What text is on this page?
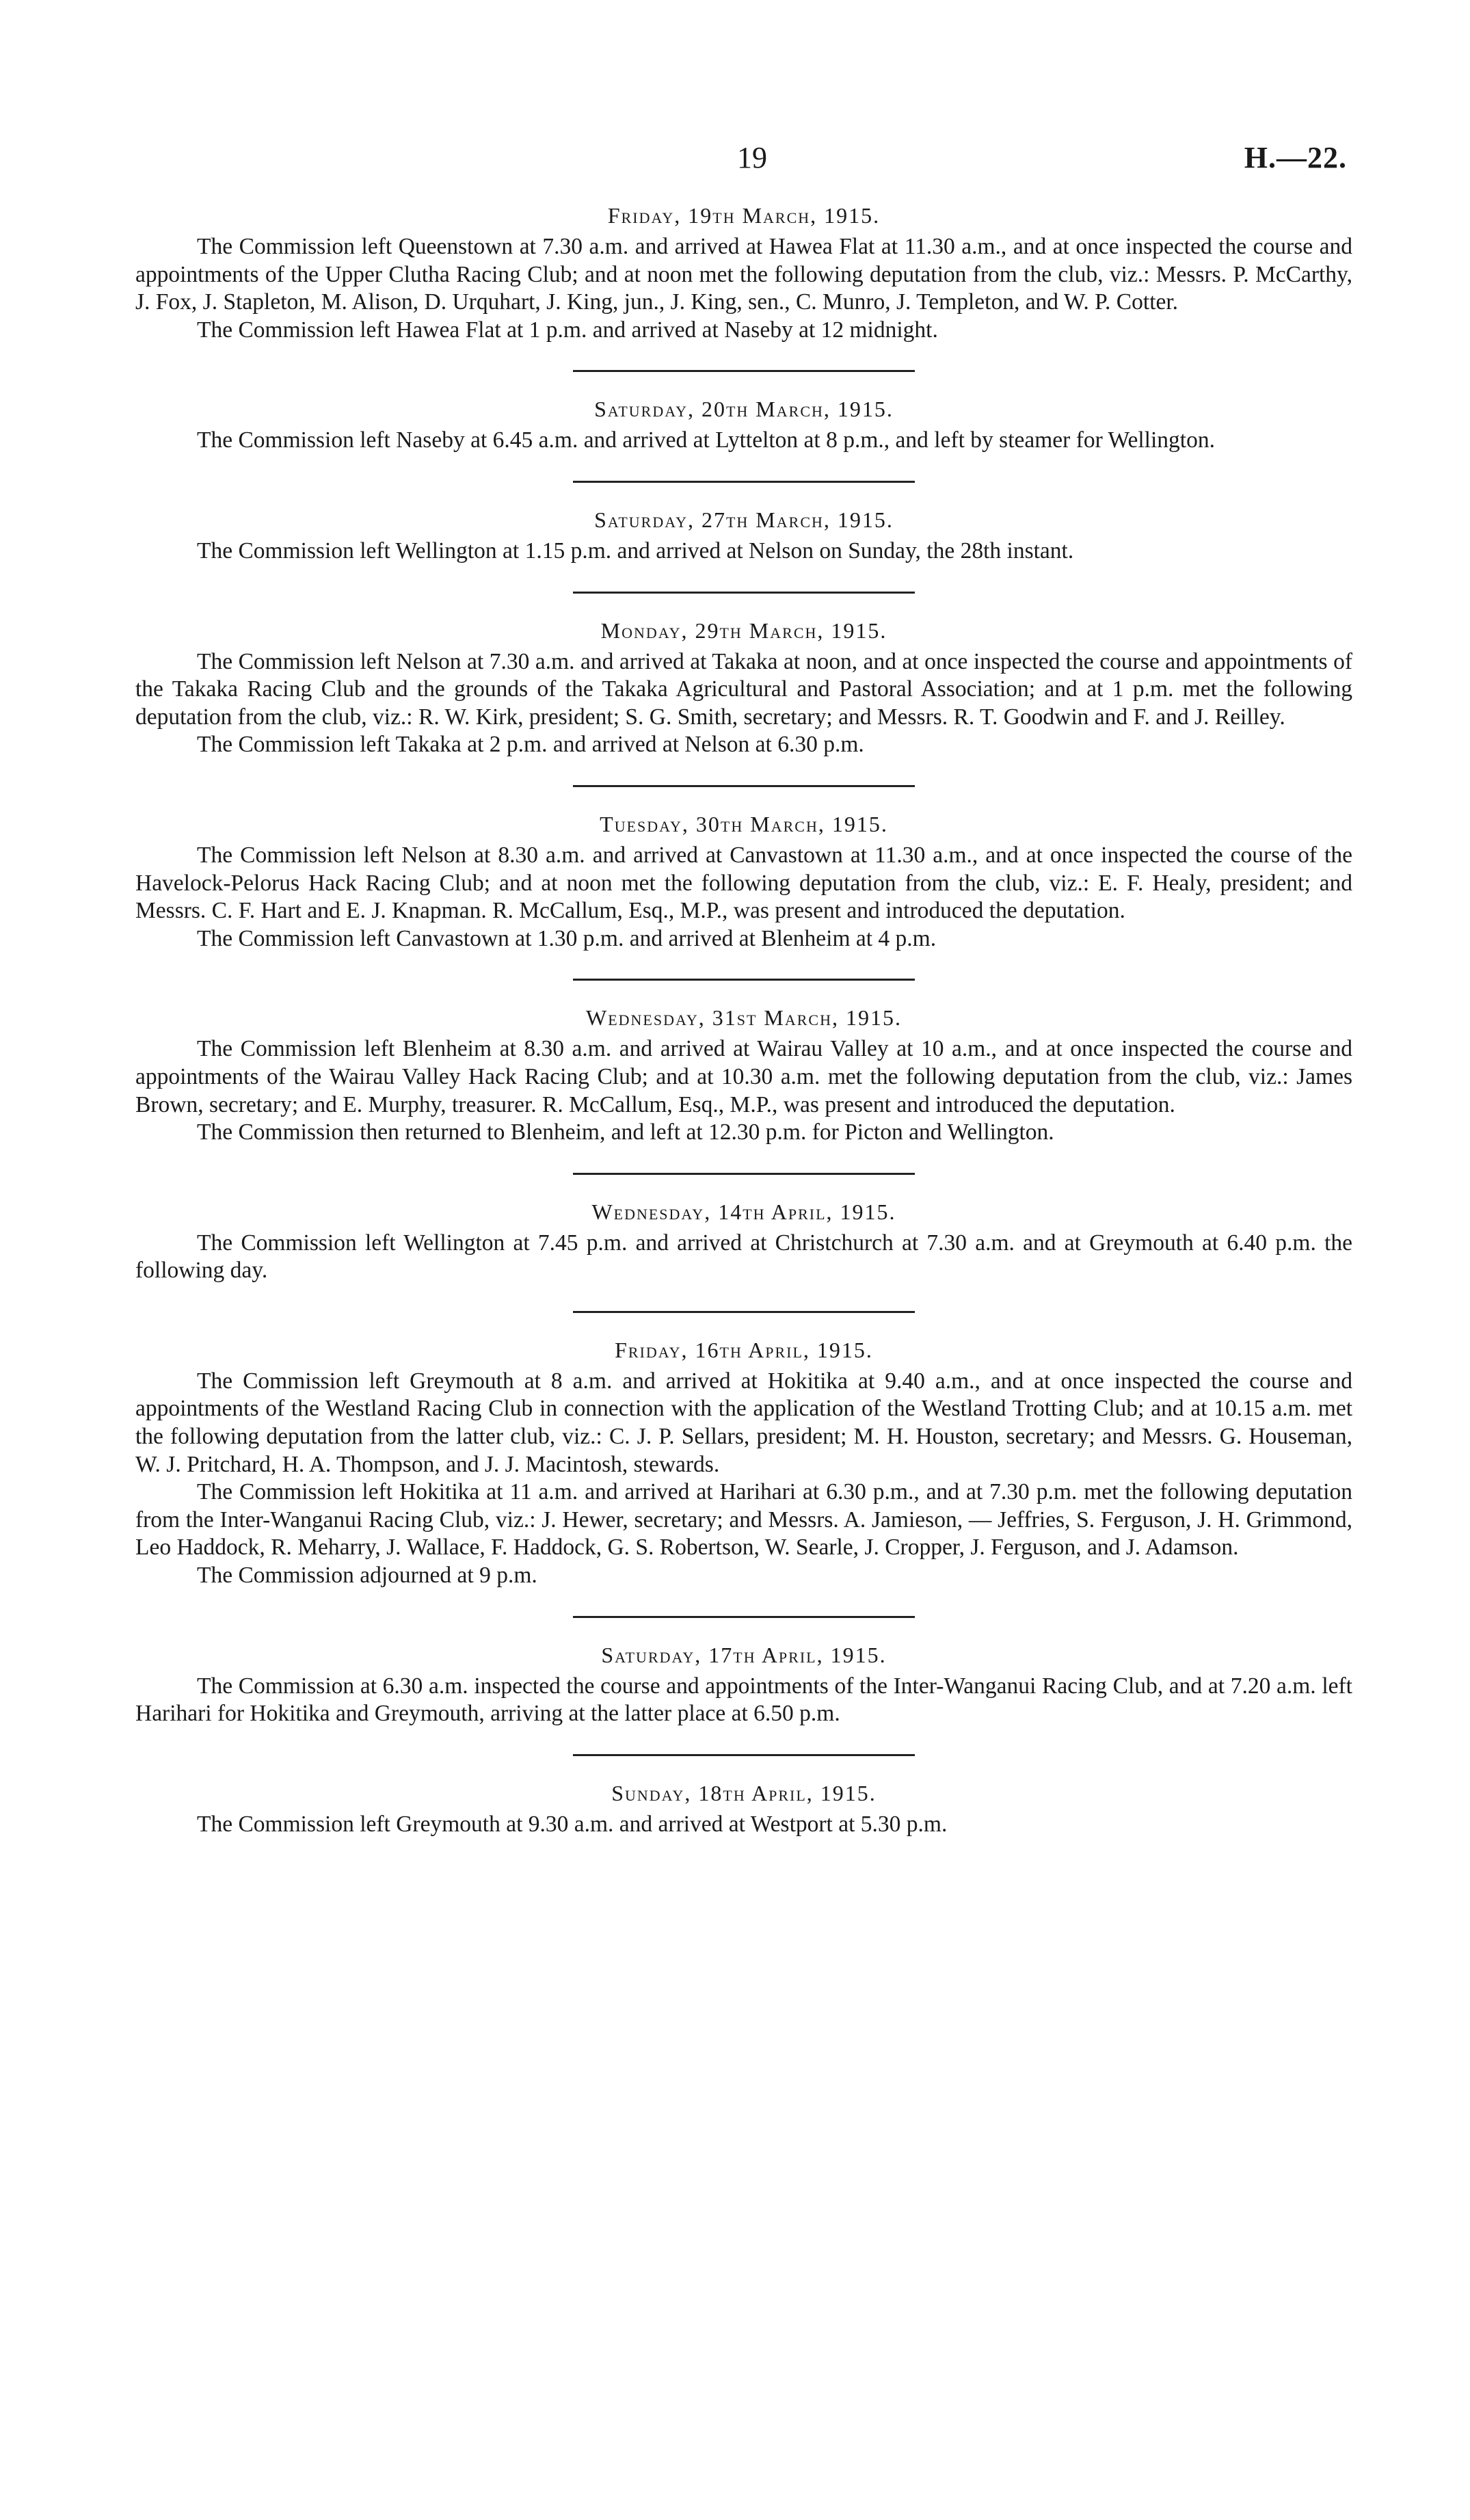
19	H.—22.
Friday, 19th March, 1915.

The Commission left Queenstown at 7.30 a.m. and arrived at Hawea Flat at 11.30 a.m., and at once inspected the course and appointments of the Upper Clutha Racing Club; and at noon met the following deputation from the club, viz.: Messrs. P. McCarthy, J. Fox, J. Stapleton, M. Alison, D. Urquhart, J. King, jun., J. King, sen., C. Munro, J. Templeton, and W. P. Cotter.

The Commission left Hawea Flat at 1 p.m. and arrived at Naseby at 12 midnight.

Saturday, 20th March, 1915.

The Commission left Naseby at 6.45 a.m. and arrived at Lyttelton at 8 p.m., and left by steamer for Wellington.

Saturday, 27th March, 1915.

The Commission left Wellington at 1.15 p.m. and arrived at Nelson on Sunday, the 28th instant.

Monday, 29th March, 1915.

The Commission left Nelson at 7.30 a.m. and arrived at Takaka at noon, and at once inspected the course and appointments of the Takaka Racing Club and the grounds of the Takaka Agricultural and Pastoral Association; and at 1 p.m. met the following deputation from the club, viz.: R. W. Kirk, president; S. G. Smith, secretary; and Messrs. R. T. Goodwin and F. and J. Reilley.

The Commission left Takaka at 2 p.m. and arrived at Nelson at 6.30 p.m.

Tuesday, 30th March, 1915.

The Commission left Nelson at 8.30 a.m. and arrived at Canvastown at 11.30 a.m., and at once inspected the course of the Havelock-Pelorus Hack Racing Club; and at noon met the following deputation from the club, viz.: E. F. Healy, president; and Messrs. C. F. Hart and E. J. Knapman. R. McCallum, Esq., M.P., was present and introduced the deputation.

The Commission left Canvastown at 1.30 p.m. and arrived at Blenheim at 4 p.m.

Wednesday, 31st March, 1915.

The Commission left Blenheim at 8.30 a.m. and arrived at Wairau Valley at 10 a.m., and at once inspected the course and appointments of the Wairau Valley Hack Racing Club; and at 10.30 a.m. met the following deputation from the club, viz.: James Brown, secretary; and E. Murphy, treasurer. R. McCallum, Esq., M.P., was present and introduced the deputation.

The Commission then returned to Blenheim, and left at 12.30 p.m. for Picton and Wellington.

Wednesday, 14th April, 1915.

The Commission left Wellington at 7.45 p.m. and arrived at Christchurch at 7.30 a.m. and at Greymouth at 6.40 p.m. the following day.

Friday, 16th April, 1915.

The Commission left Greymouth at 8 a.m. and arrived at Hokitika at 9.40 a.m., and at once inspected the course and appointments of the Westland Racing Club in connection with the application of the Westland Trotting Club; and at 10.15 a.m. met the following deputation from the latter club, viz.: C. J. P. Sellars, president; M. H. Houston, secretary; and Messrs. G. Houseman, W. J. Pritchard, H. A. Thompson, and J. J. Macintosh, stewards.

The Commission left Hokitika at 11 a.m. and arrived at Harihari at 6.30 p.m., and at 7.30 p.m. met the following deputation from the Inter-Wanganui Racing Club, viz.: J. Hewer, secretary; and Messrs. A. Jamieson, — Jeffries, S. Ferguson, J. H. Grimmond, Leo Haddock, R. Meharry, J. Wallace, F. Haddock, G. S. Robertson, W. Searle, J. Cropper, J. Ferguson, and J. Adamson.

The Commission adjourned at 9 p.m.

Saturday, 17th April, 1915.

The Commission at 6.30 a.m. inspected the course and appointments of the Inter-Wanganui Racing Club, and at 7.20 a.m. left Harihari for Hokitika and Greymouth, arriving at the latter place at 6.50 p.m.

Sunday, 18th April, 1915.

The Commission left Greymouth at 9.30 a.m. and arrived at Westport at 5.30 p.m.
